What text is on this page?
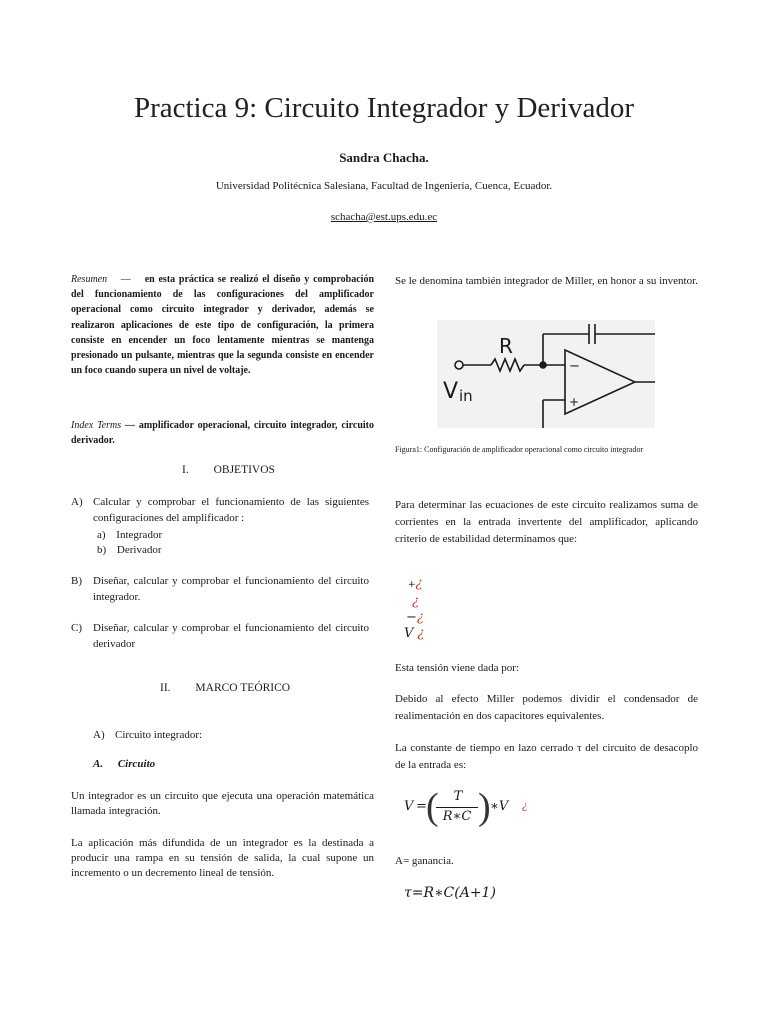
Practica 9: Circuito Integrador y Derivador
Sandra Chacha.
Universidad Politécnica Salesiana, Facultad de Ingeniería, Cuenca, Ecuador.
schacha@est.ups.edu.ec
Resumen — en esta práctica se realizó el diseño y comprobación del funcionamiento de las configuraciones del amplificador operacional como circuito integrador y derivador, además se realizaron aplicaciones de este tipo de configuración, la primera consiste en encender un foco lentamente mientras se mantenga presionado un pulsante, mientras que la segunda consiste en encender un foco cuando supera un nivel de voltaje.
Index Terms — amplificador operacional, circuito integrador, circuito derivador.
I. OBJETIVOS
A) Calcular y comprobar el funcionamiento de las siguientes configuraciones del amplificador :
a) Integrador
b) Derivador
B) Diseñar, calcular y comprobar el funcionamiento del circuito integrador.
C) Diseñar, calcular y comprobar el funcionamiento del circuito derivador
II. MARCO TEÓRICO
A) Circuito integrador:
A. Circuito
Un integrador es un circuito que ejecuta una operación matemática llamada integración.
La aplicación más difundida de un integrador es la destinada a producir una rampa en su tensión de salida, la cual supone un incremento o un decremento lineal de tensión.
Se le denomina también integrador de Miller, en honor a su inventor.
R
V in
−
+
Figura1: Configuración de amplificador operacional como circuito integrador
Para determinar las ecuaciones de este circuito realizamos suma de corrientes en la entrada invertente del amplificador, aplicando criterio de estabilidad determinamos que:
+¿
¿
−¿
V ¿
Esta tensión viene dada por:
Debido al efecto Miller podemos dividir el condensador de realimentación en dos capacitores equivalentes.
La constante de tiempo en lazo cerrado τ del circuito de desacoplo de la entrada es:
V = (	T
R∗C ) ∗V ¿
A= ganancia.
τ=R∗C(A+1)
